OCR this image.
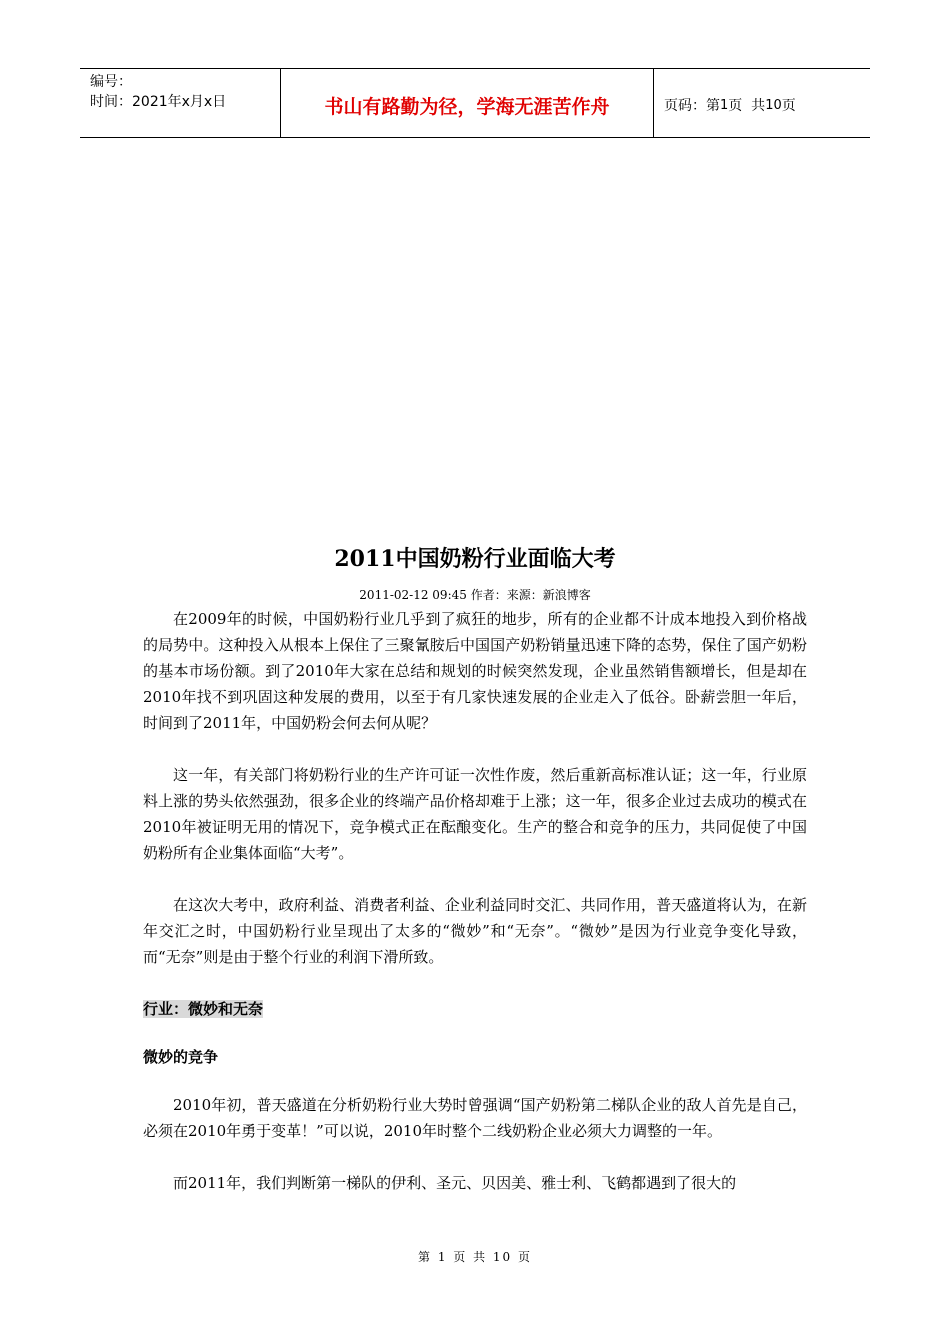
编号：
时间：2021年x月x日	书山有路勤为径，学海无涯苦作舟	页码：第 1 页  共 10 页
2011中国奶粉行业面临大考
2011-02-12 09:45 作者：来源：新浪博客

在2009年的时候，中国奶粉行业几乎到了疯狂的地步，所有的企业都不计成本地投入到价格战的局势中。这种投入从根本上保住了三聚氰胺后中国国产奶粉销量迅速下降的态势，保住了国产奶粉的基本市场份额。到了2010年大家在总结和规划的时候突然发现，企业虽然销售额增长，但是却在2010年找不到巩固这种发展的费用，以至于有几家快速发展的企业走入了低谷。卧薪尝胆一年后，时间到了2011年，中国奶粉会何去何从呢？

这一年，有关部门将奶粉行业的生产许可证一次性作废，然后重新高标准认证；这一年，行业原料上涨的势头依然强劲，很多企业的终端产品价格却难于上涨；这一年，很多企业过去成功的模式在2010年被证明无用的情况下，竞争模式正在酝酿变化。生产的整合和竞争的压力，共同促使了中国奶粉所有企业集体面临“大考”。

在这次大考中，政府利益、消费者利益、企业利益同时交汇、共同作用，普天盛道将认为，在新年交汇之时，中国奶粉行业呈现出了太多的“微妙”和“无奈”。“微妙”是因为行业竞争变化导致，而“无奈”则是由于整个行业的利润下滑所致。

行业：微妙和无奈
微妙的竞争

2010年初，普天盛道在分析奶粉行业大势时曾强调“国产奶粉第二梯队企业的敌人首先是自己，必须在2010年勇于变革！”可以说，2010年时整个二线奶粉企业必须大力调整的一年。

而2011年，我们判断第一梯队的伊利、圣元、贝因美、雅士利、飞鹤都遇到了很大的

第 1 页 共 10 页
